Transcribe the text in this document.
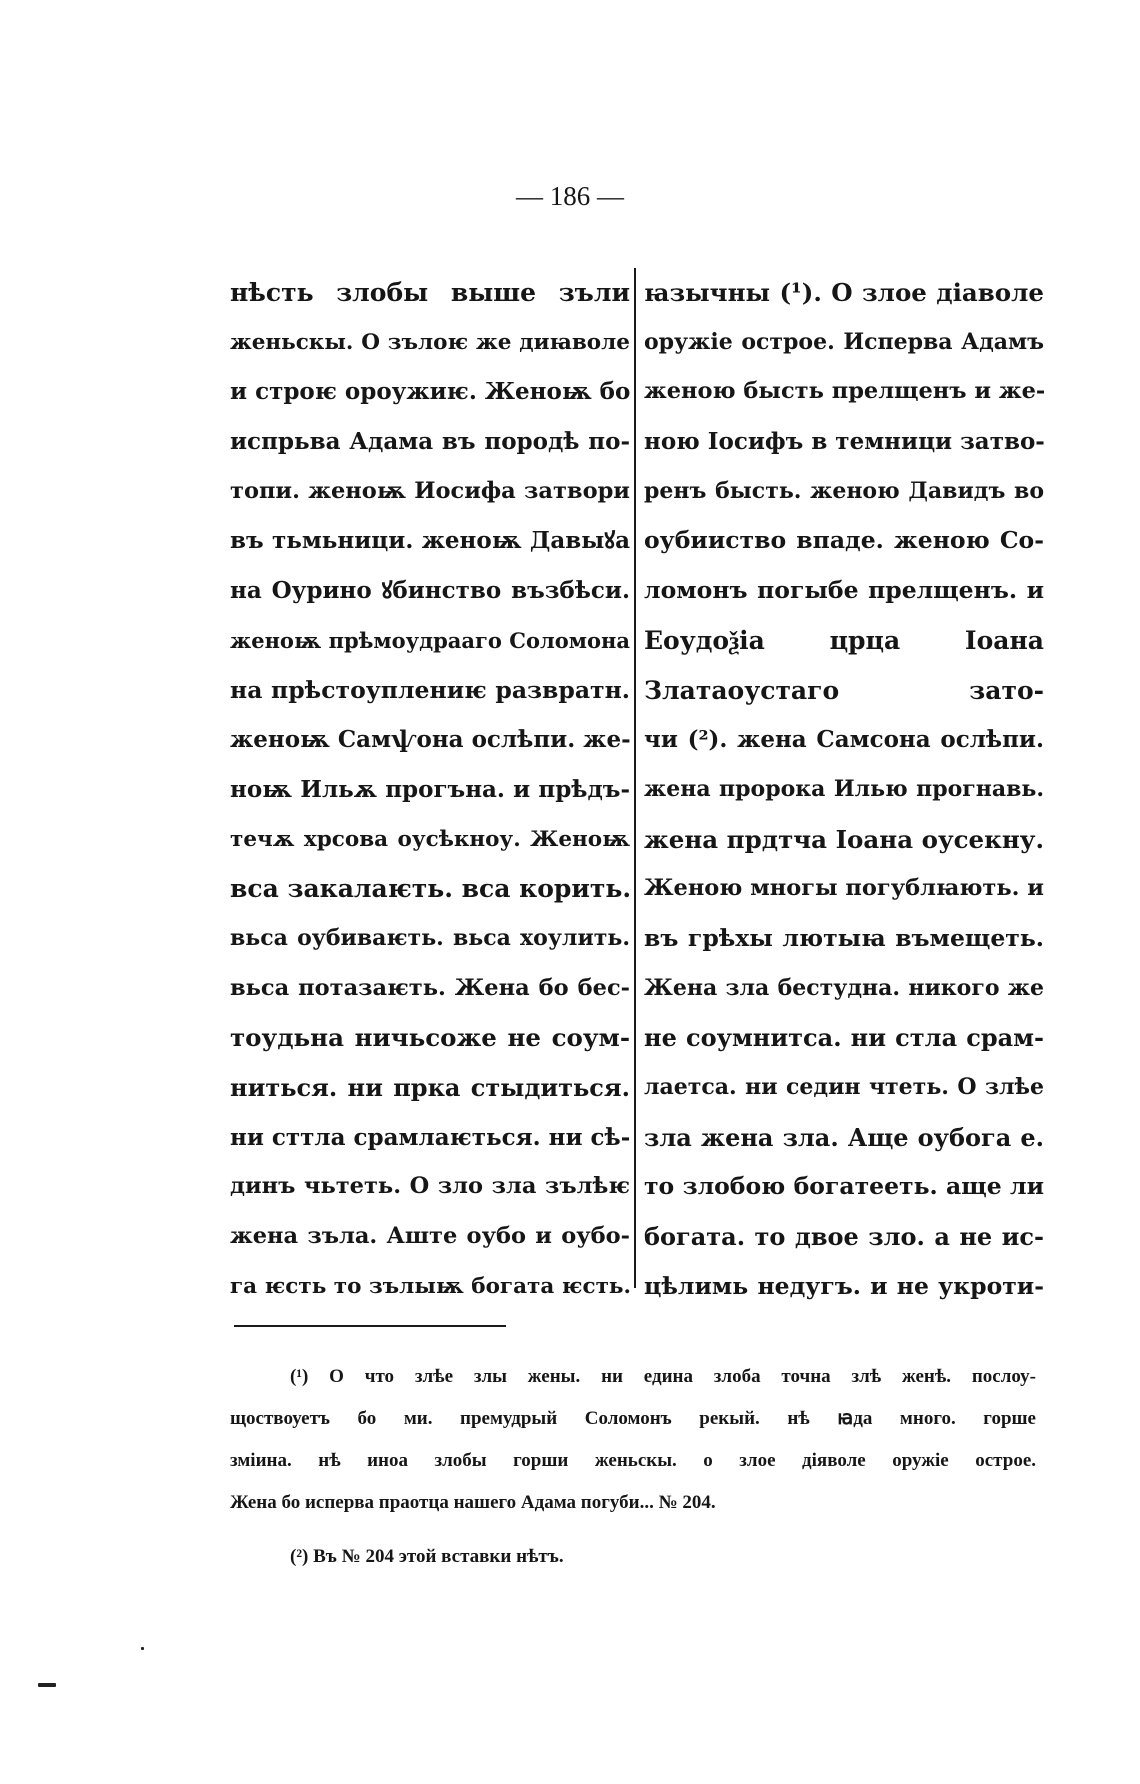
— 186 —
нѣсть злобы выше зъли
женьскы. О зълоѥ же диꙗволе
и строѥ ороужиѥ. Женоѭ бо
испрьва Адама въ породѣ по-
топи. женоѭ Иосифа затвори
въ тьмьници. женоѭ Давыꙋа
на Оурино ꙋбинство възбѣси.
женоѭ прѣмоудрааго Соломона
на прѣстоуплениѥ развратн.
женоѭ Самѱона ослѣпи. же-
ноѭ Ильѫ прогъна. и прѣдъ-
течѫ хрсова оусѣкноу. Женоѭ
вса закалаѥть. вса корить.
вьса оубиваѥть. вьса хоулить.
вьса потазаѥть. Жена бо бес-
тоудьна ничьсоже не соум-
ниться. ни прка стыдиться.
ни сттла срамлаѥться. ни сѣ-
динъ чьтеть. О зло зла зълѣѥ
жена зъла. Аште оубо и оубо-
га ѥсть то зълыѭ богата ѥсть.
ꙗзычны (¹). О злое діаволе
оружіе острое. Исперва Адамъ
женою бысть прелщенъ и же-
ною Іосифъ в темници затво-
ренъ бысть. женою Давидъ во
оубииство впаде. женою Со-
ломонъ погыбе прелщенъ. и
Еоудоѯіа црца Іоана
Златаоустаго зато-
чи (²). жена Самсона ослѣпи.
жена пророка Илью прогнавь.
жена прдтча Іоана оусекну.
Женою многы погублꙗють. и
въ грѣхы лютыꙗ въмещеть.
Жена зла бестудна. никого же
не соумнитса. ни стла срам-
лаетса. ни седин чтеть. О злѣе
зла жена зла. Аще оубога е.
то злобою богатееть. аще ли
богата. то двое зло. а не ис-
цѣлимь недугъ. и не укроти-
(¹) О что злѣе злы жены. ни едина злоба точна злѣ женѣ. послоу-
щоствоуетъ бо ми. премудрый Соломонъ рекый. нѣ ꙗда много. горше
зміина. нѣ инoа злобы горши женьскы. о злое діяволе оружіе острое.
Жена бо исперва праотца нашего Адама погуби... № 204.
(²) Въ № 204 этой вставки нѣтъ.
